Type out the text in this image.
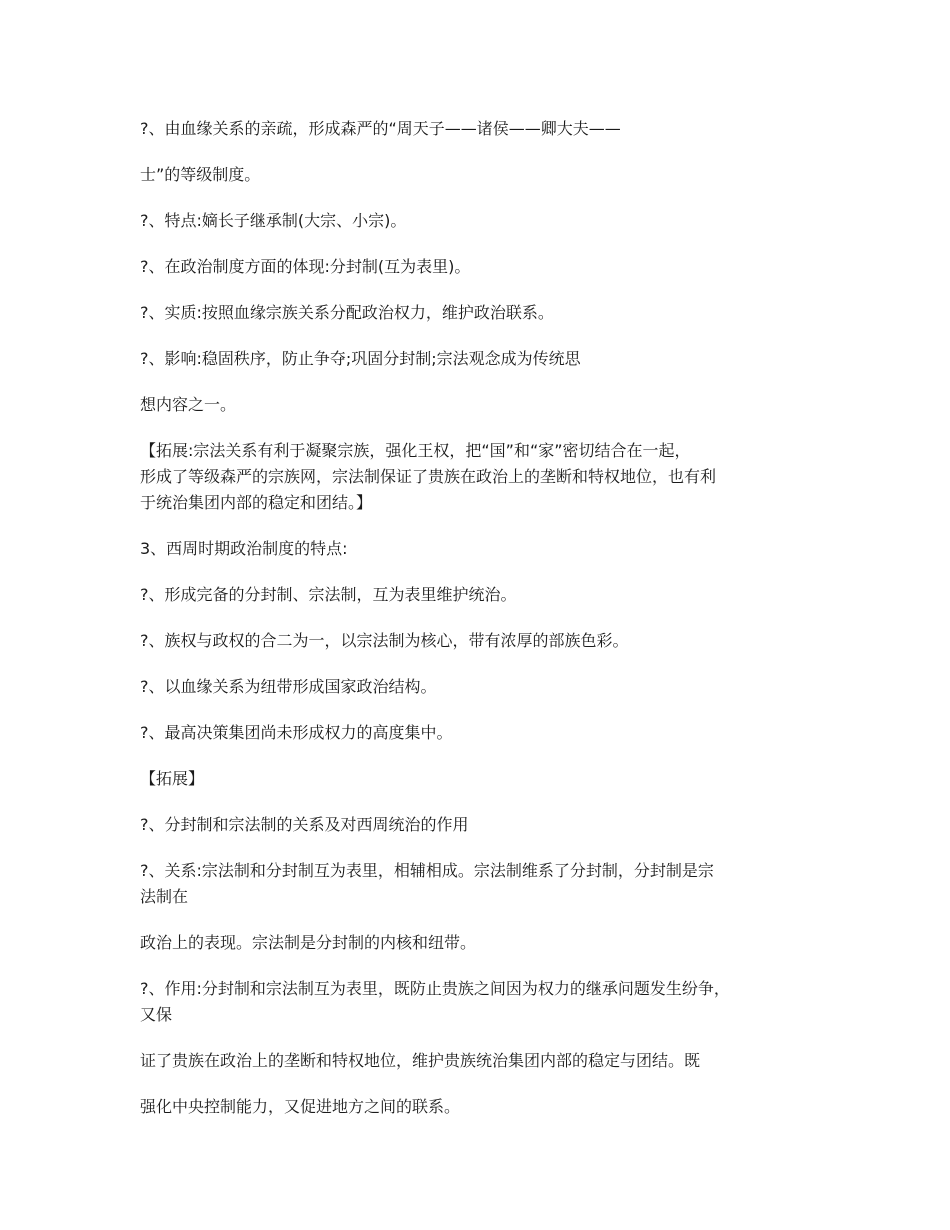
?、由血缘关系的亲疏，形成森严的“周天子——诸侯——卿大夫——
士”的等级制度。
?、特点:嫡长子继承制(大宗、小宗)。
?、在政治制度方面的体现:分封制(互为表里)。
?、实质:按照血缘宗族关系分配政治权力，维护政治联系。
?、影响:稳固秩序，防止争夺;巩固分封制;宗法观念成为传统思
想内容之一。
【拓展:宗法关系有利于凝聚宗族，强化王权，把“国”和“家”密切结合在一起，
形成了等级森严的宗族网，宗法制保证了贵族在政治上的垄断和特权地位，也有利
于统治集团内部的稳定和团结。】
3、西周时期政治制度的特点:
?、形成完备的分封制、宗法制，互为表里维护统治。
?、族权与政权的合二为一，以宗法制为核心，带有浓厚的部族色彩。
?、以血缘关系为纽带形成国家政治结构。
?、最高决策集团尚未形成权力的高度集中。
【拓展】
?、分封制和宗法制的关系及对西周统治的作用
?、关系:宗法制和分封制互为表里，相辅相成。宗法制维系了分封制，分封制是宗
法制在
政治上的表现。宗法制是分封制的内核和纽带。
?、作用:分封制和宗法制互为表里，既防止贵族之间因为权力的继承问题发生纷争，
又保
证了贵族在政治上的垄断和特权地位，维护贵族统治集团内部的稳定与团结。既
强化中央控制能力，又促进地方之间的联系。
